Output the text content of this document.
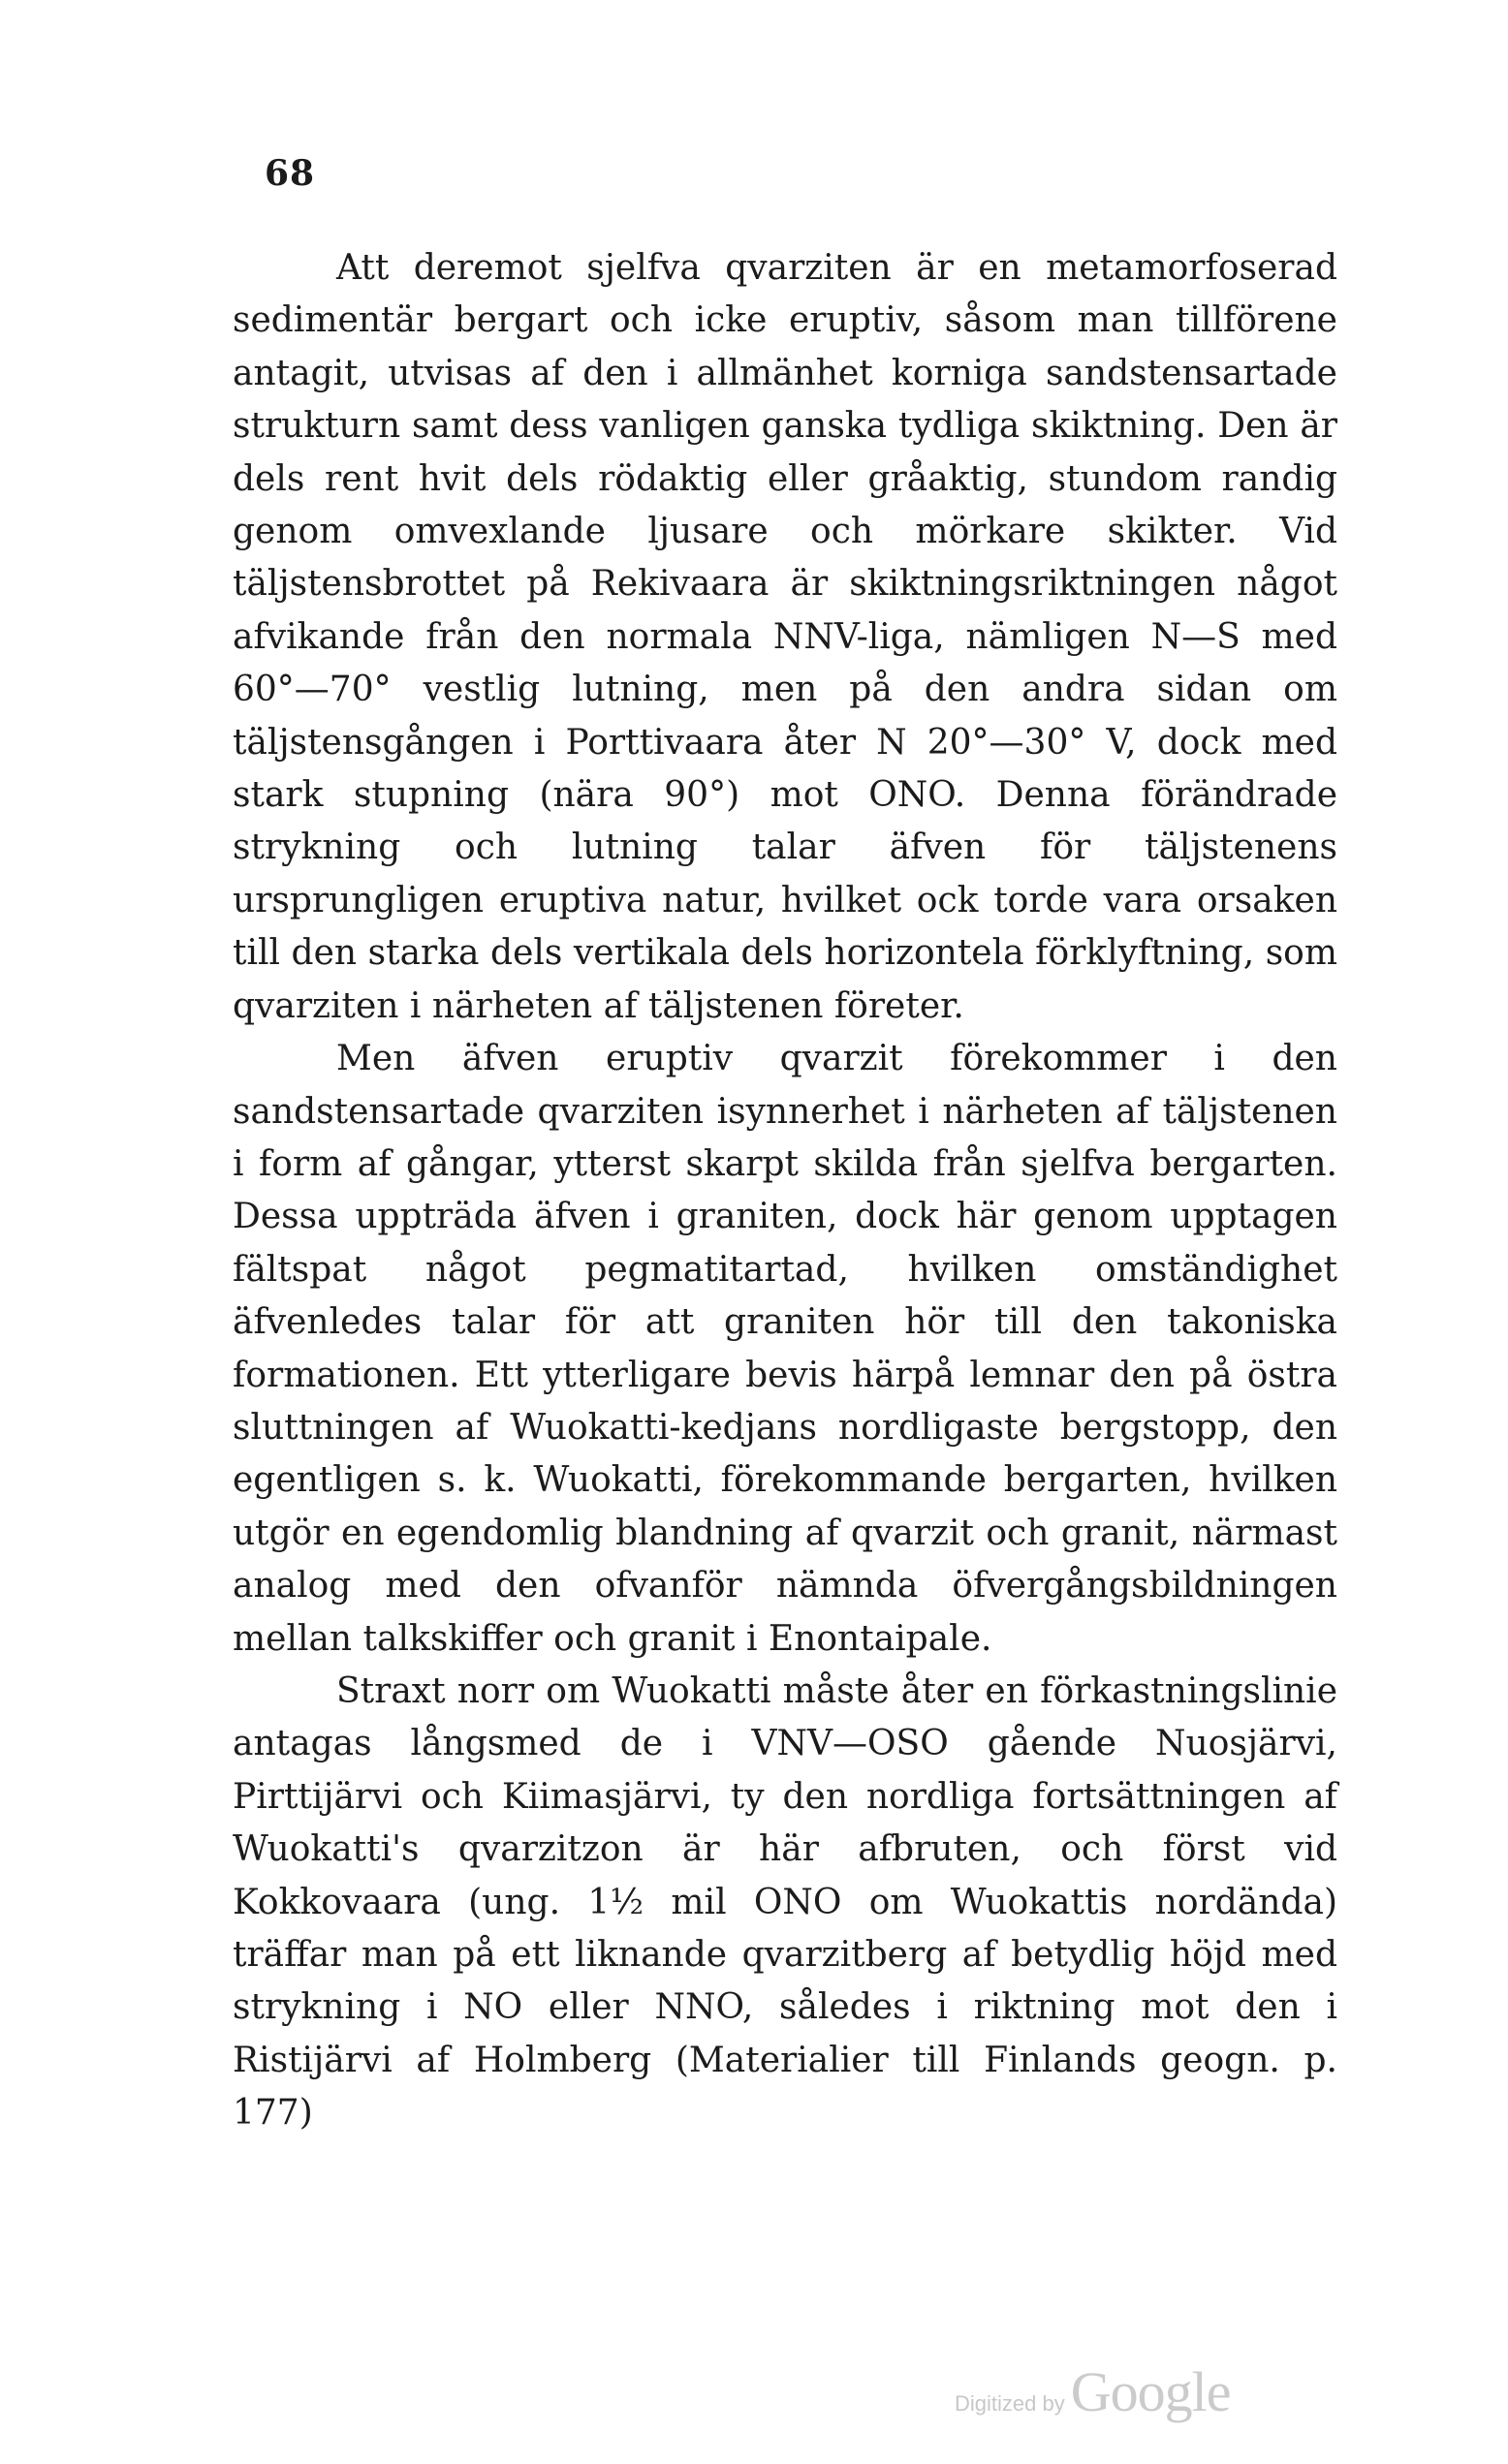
68

Att deremot sjelfva qvarziten är en metamorfoserad sedimentär bergart och icke eruptiv, såsom man tillförene antagit, utvisas af den i allmänhet korniga sandstensartade strukturn samt dess vanligen ganska tydliga skiktning. Den är dels rent hvit dels rödaktig eller gråaktig, stundom randig genom omvexlande ljusare och mörkare skikter. Vid täljstensbrottet på Rekivaara är skiktningsriktningen något afvikande från den normala NNV-liga, nämligen N—S med 60°—70° vestlig lutning, men på den andra sidan om täljstensgången i Porttivaara åter N 20°—30° V, dock med stark stupning (nära 90°) mot ONO. Denna förändrade strykning och lutning talar äfven för täljstenens ursprungligen eruptiva natur, hvilket ock torde vara orsaken till den starka dels vertikala dels horizontela förklyftning, som qvarziten i närheten af täljstenen företer.

Men äfven eruptiv qvarzit förekommer i den sandstensartade qvarziten isynnerhet i närheten af täljstenen i form af gångar, ytterst skarpt skilda från sjelfva bergarten. Dessa uppträda äfven i graniten, dock här genom upptagen fältspat något pegmatitartad, hvilken omständighet äfvenledes talar för att graniten hör till den takoniska formationen. Ett ytterligare bevis härpå lemnar den på östra sluttningen af Wuokatti-kedjans nordligaste bergstopp, den egentligen s. k. Wuokatti, förekommande bergarten, hvilken utgör en egendomlig blandning af qvarzit och granit, närmast analog med den ofvanför nämnda öfvergångsbildningen mellan talkskiffer och granit i Enontaipale.

Straxt norr om Wuokatti måste åter en förkastningslinie antagas långsmed de i VNV—OSO gående Nuosjärvi, Pirttijärvi och Kiimasjärvi, ty den nordliga fortsättningen af Wuokatti's qvarzitzon är här afbruten, och först vid Kokkovaara (ung. 1½ mil ONO om Wuokattis nordända) träffar man på ett liknande qvarzitberg af betydlig höjd med strykning i NO eller NNO, således i riktning mot den i Ristijärvi af Holmberg (Materialier till Finlands geogn. p. 177)

Digitized by Google
